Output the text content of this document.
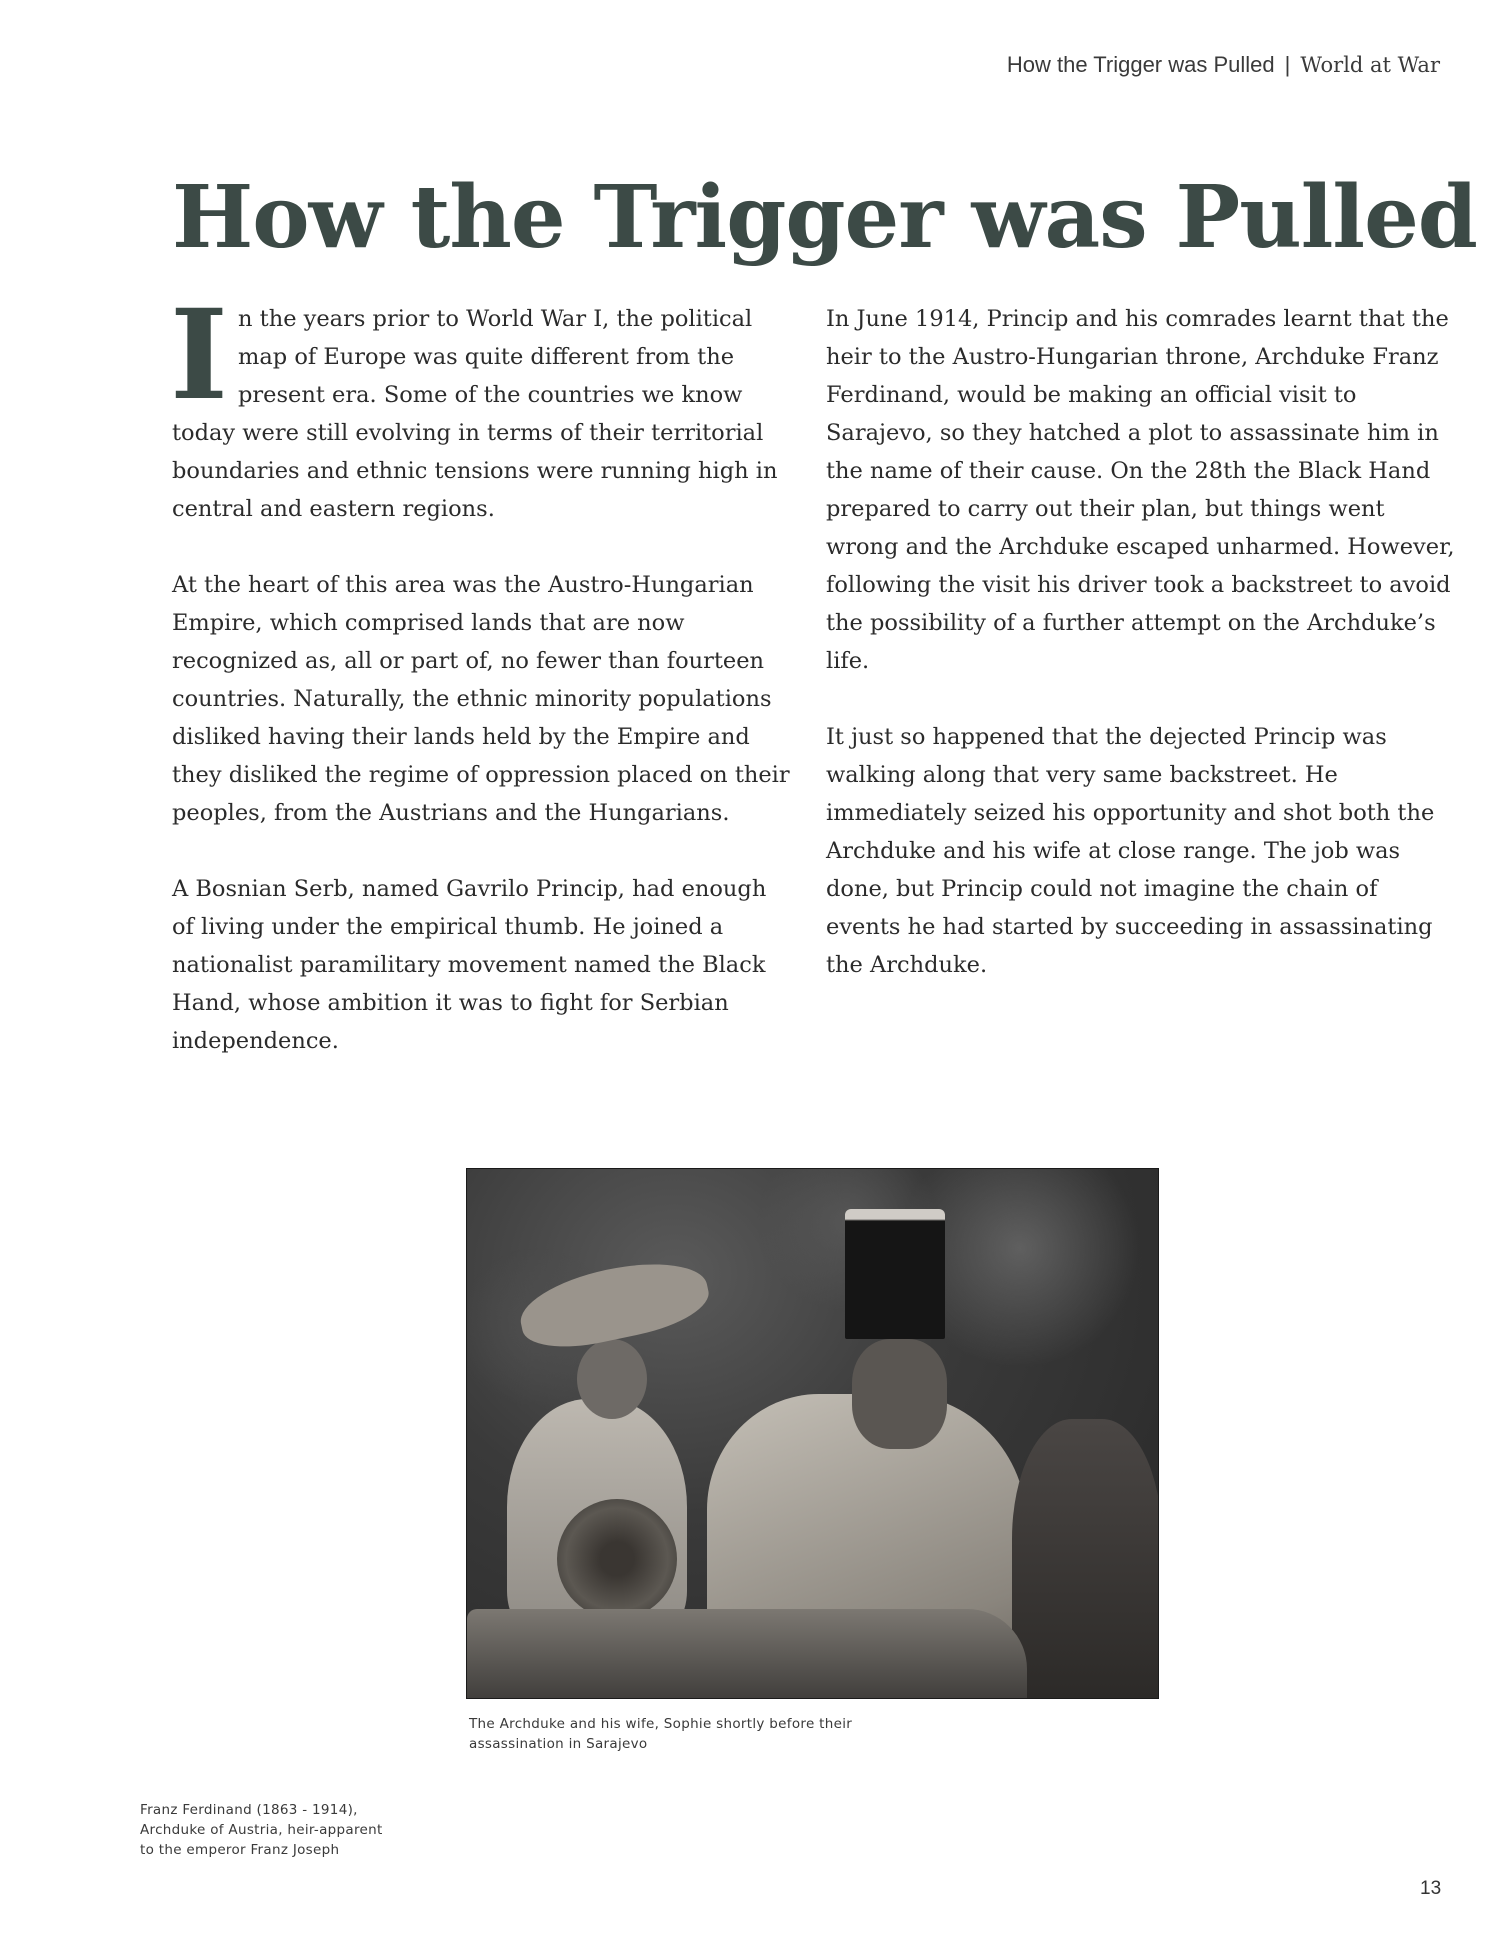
How the Trigger was Pulled | World at War
How the Trigger was Pulled

In the years prior to World War I, the political map of Europe was quite different from the present era. Some of the countries we know today were still evolving in terms of their territorial boundaries and ethnic tensions were running high in central and eastern regions.

At the heart of this area was the Austro-Hungarian Empire, which comprised lands that are now recognized as, all or part of, no fewer than fourteen countries. Naturally, the ethnic minority populations disliked having their lands held by the Empire and they disliked the regime of oppression placed on their peoples, from the Austrians and the Hungarians.

A Bosnian Serb, named Gavrilo Princip, had enough of living under the empirical thumb. He joined a nationalist paramilitary movement named the Black Hand, whose ambition it was to fight for Serbian independence.

In June 1914, Princip and his comrades learnt that the heir to the Austro-Hungarian throne, Archduke Franz Ferdinand, would be making an official visit to Sarajevo, so they hatched a plot to assassinate him in the name of their cause. On the 28th the Black Hand prepared to carry out their plan, but things went wrong and the Archduke escaped unharmed. However, following the visit his driver took a backstreet to avoid the possibility of a further attempt on the Archduke’s life.

It just so happened that the dejected Princip was walking along that very same backstreet. He immediately seized his opportunity and shot both the Archduke and his wife at close range. The job was done, but Princip could not imagine the chain of events he had started by succeeding in assassinating the Archduke.

The Archduke and his wife, Sophie shortly before their assassination in Sarajevo
Franz Ferdinand (1863 - 1914), Archduke of Austria, heir-apparent to the emperor Franz Joseph
13
